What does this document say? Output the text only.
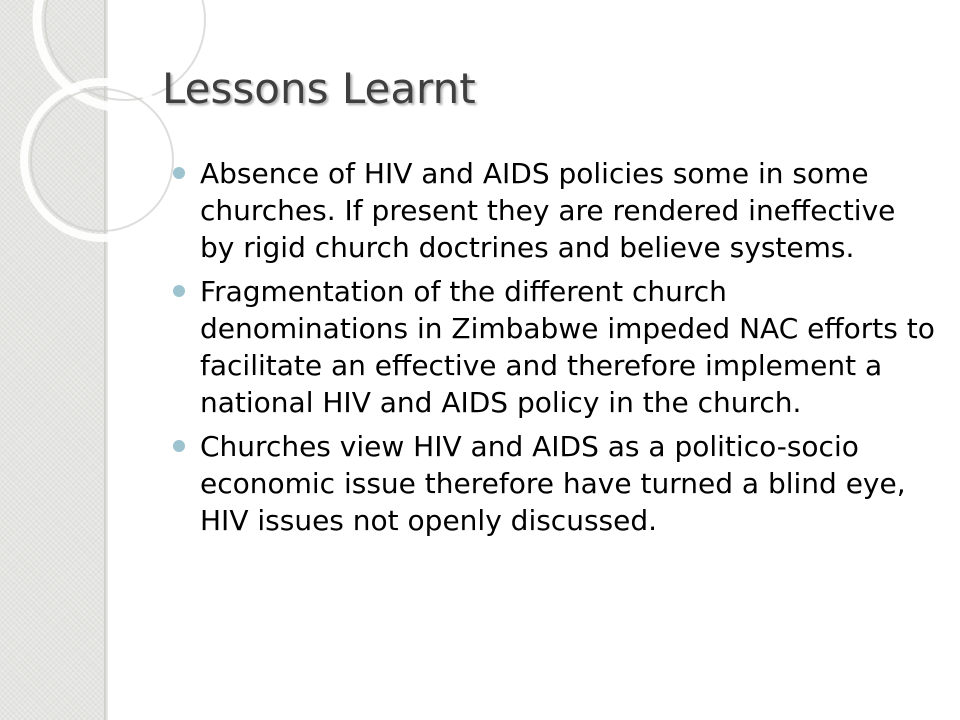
Lessons Learnt
Absence of HIV and AIDS policies some in some churches. If present they are rendered ineffective by rigid church doctrines and believe systems.
Fragmentation of the different church denominations in Zimbabwe impeded NAC efforts to facilitate an effective and therefore implement a national HIV and AIDS policy in the church.
Churches view HIV and AIDS as a politico-socio economic issue therefore have turned a blind eye, HIV issues not openly discussed.
